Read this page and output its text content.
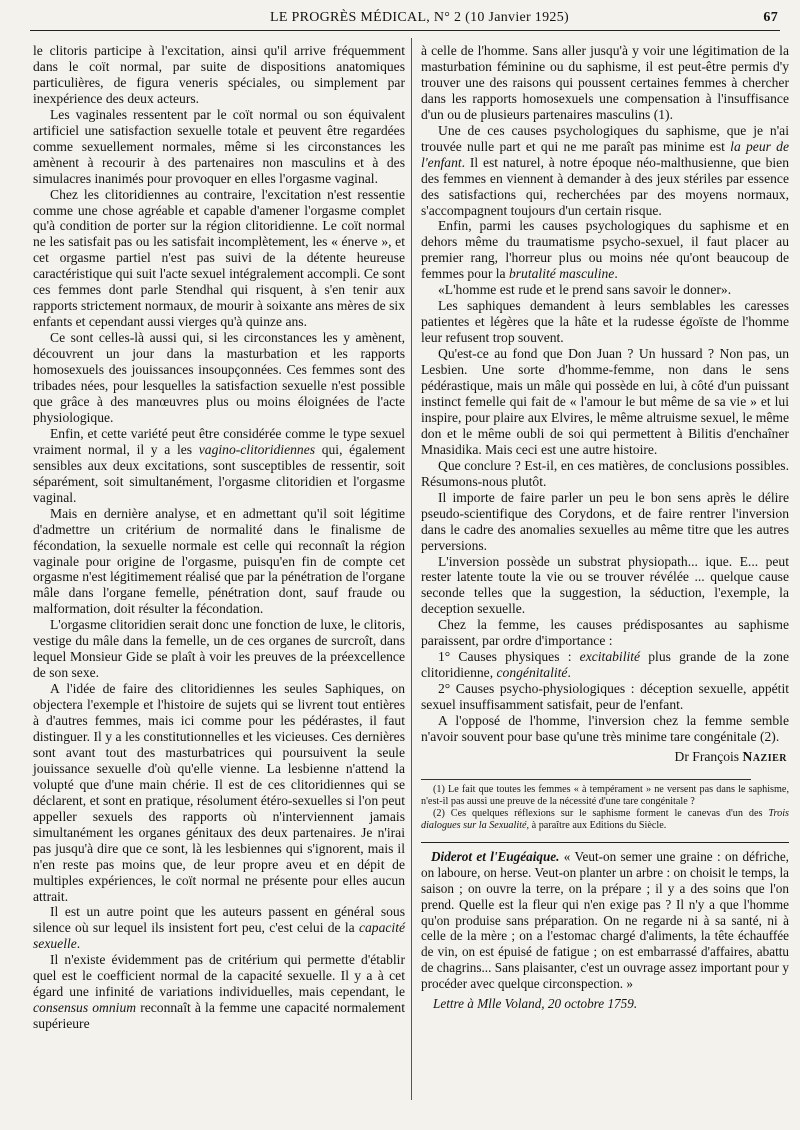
LE PROGRÈS MÉDICAL, N° 2 (10 Janvier 1925)	67

le clitoris participe à l'excitation, ainsi qu'il arrive fréquemment dans le coït normal, par suite de dispositions anatomiques particulières, de figura veneris spéciales, ou simplement par inexpérience des deux acteurs.

Les vaginales ressentent par le coït normal ou son équivalent artificiel une satisfaction sexuelle totale et peuvent être regardées comme sexuellement normales, même si les circonstances les amènent à recourir à des partenaires non masculins et à des simulacres inanimés pour provoquer en elles l'orgasme vaginal.

Chez les clitoridiennes au contraire, l'excitation n'est ressentie comme une chose agréable et capable d'amener l'orgasme complet qu'à condition de porter sur la région clitoridienne. Le coït normal ne les satisfait pas ou les satisfait incomplètement, les « énerve », et cet orgasme partiel n'est pas suivi de la détente heureuse caractéristique qui suit l'acte sexuel intégralement accompli. Ce sont ces femmes dont parle Stendhal qui risquent, à s'en tenir aux rapports strictement normaux, de mourir à soixante ans mères de six enfants et cependant aussi vierges qu'à quinze ans.

Ce sont celles-là aussi qui, si les circonstances les y amènent, découvrent un jour dans la masturbation et les rapports homosexuels des jouissances insoupçonnées. Ces femmes sont des tribades nées, pour lesquelles la satisfaction sexuelle n'est possible que grâce à des manœuvres plus ou moins éloignées de l'acte physiologique.

Enfin, et cette variété peut être considérée comme le type sexuel vraiment normal, il y a les vagino-clitoridiennes qui, également sensibles aux deux excitations, sont susceptibles de ressentir, soit séparément, soit simultanément, l'orgasme clitoridien et l'orgasme vaginal.

Mais en dernière analyse, et en admettant qu'il soit légitime d'admettre un critérium de normalité dans le finalisme de fécondation, la sexuelle normale est celle qui reconnaît la région vaginale pour origine de l'orgasme, puisqu'en fin de compte cet orgasme n'est légitimement réalisé que par la pénétration de l'organe mâle dans l'organe femelle, pénétration dont, sauf fraude ou malformation, doit résulter la fécondation.

L'orgasme clitoridien serait donc une fonction de luxe, le clitoris, vestige du mâle dans la femelle, un de ces organes de surcroît, dans lequel Monsieur Gide se plaît à voir les preuves de la préexcellence de son sexe.

A l'idée de faire des clitoridiennes les seules Saphiques, on objectera l'exemple et l'histoire de sujets qui se livrent tout entières à d'autres femmes, mais ici comme pour les pédérastes, il faut distinguer. Il y a les constitutionnelles et les vicieuses. Ces dernières sont avant tout des masturbatrices qui poursuivent la seule jouissance sexuelle d'où qu'elle vienne. La lesbienne n'attend la volupté que d'une main chérie. Il est de ces clitoridiennes qui se déclarent, et sont en pratique, résolument étéro-sexuelles si l'on peut appeller sexuels des rapports où n'interviennent jamais simultanément les organes génitaux des deux partenaires. Je n'irai pas jusqu'à dire que ce sont, là les lesbiennes qui s'ignorent, mais il n'en reste pas moins que, de leur propre aveu et en dépit de multiples expériences, le coït normal ne présente pour elles aucun attrait.

Il est un autre point que les auteurs passent en général sous silence où sur lequel ils insistent fort peu, c'est celui de la capacité sexuelle.

Il n'existe évidemment pas de critérium qui permette d'établir quel est le coefficient normal de la capacité sexuelle. Il y a à cet égard une infinité de variations individuelles, mais cependant, le consensus omnium reconnaît à la femme une capacité normalement supérieure

à celle de l'homme. Sans aller jusqu'à y voir une légitimation de la masturbation féminine ou du saphisme, il est peut-être permis d'y trouver une des raisons qui poussent certaines femmes à chercher dans les rapports homosexuels une compensation à l'insuffisance d'un ou de plusieurs partenaires masculins (1).

Une de ces causes psychologiques du saphisme, que je n'ai trouvée nulle part et qui ne me paraît pas minime est la peur de l'enfant. Il est naturel, à notre époque néo-malthusienne, que bien des femmes en viennent à demander à des jeux stériles par essence des satisfactions qui, recherchées par des moyens normaux, s'accompagnent toujours d'un certain risque.

Enfin, parmi les causes psychologiques du saphisme et en dehors même du traumatisme psycho-sexuel, il faut placer au premier rang, l'horreur plus ou moins née qu'ont beaucoup de femmes pour la brutalité masculine.

«L'homme est rude et le prend sans savoir le donner».

Les saphiques demandent à leurs semblables les caresses patientes et légères que la hâte et la rudesse égoïste de l'homme leur refusent trop souvent.

Qu'est-ce au fond que Don Juan ? Un hussard ? Non pas, un Lesbien. Une sorte d'homme-femme, non dans le sens pédérastique, mais un mâle qui possède en lui, à côté d'un puissant instinct femelle qui fait de « l'amour le but même de sa vie » et lui inspire, pour plaire aux Elvires, le même altruisme sexuel, le même don et le même oubli de soi qui permettent à Bilitis d'enchaîner Mnasidika. Mais ceci est une autre histoire.

Que conclure ? Est-il, en ces matières, de conclusions possibles. Résumons-nous plutôt.

Il importe de faire parler un peu le bon sens après le délire pseudo-scientifique des Corydons, et de faire rentrer l'inversion dans le cadre des anomalies sexuelles au même titre que les autres perversions.

L'inversion possède un substrat physiopath... ique. E... peut rester latente toute la vie ou se trouver révélée ... quelque cause seconde telles que la suggestion, la séduction, l'exemple, la deception sexuelle.

Chez la femme, les causes prédisposantes au saphisme paraissent, par ordre d'importance :

1° Causes physiques : excitabilité plus grande de la zone clitoridienne, congénitalité.

2° Causes psycho-physiologiques : déception sexuelle, appétit sexuel insuffisamment satisfait, peur de l'enfant.

A l'opposé de l'homme, l'inversion chez la femme semble n'avoir souvent pour base qu'une très minime tare congénitale (2).

Dr François Nazier

(1) Le fait que toutes les femmes « à tempérament » ne versent pas dans le saphisme, n'est-il pas aussi une preuve de la nécessité d'une tare congénitale ?

(2) Ces quelques réflexions sur le saphisme forment le canevas d'un des Trois dialogues sur la Sexualité, à paraître aux Editions du Siècle.

Diderot et l'Eugéaique. « Veut-on semer une graine : on défriche, on laboure, on herse. Veut-on planter un arbre : on choisit le temps, la saison ; on ouvre la terre, on la prépare ; il y a des soins que l'on prend. Quelle est la fleur qui n'en exige pas ? Il n'y a que l'homme qu'on produise sans préparation. On ne regarde ni à sa santé, ni à celle de la mère ; on a l'estomac chargé d'aliments, la tête échauffée de vin, on est épuisé de fatigue ; on est embarrassé d'affaires, abattu de chagrins... Sans plaisanter, c'est un ouvrage assez important pour y procéder avec quelque circonspection. »

Lettre à Mlle Voland, 20 octobre 1759.
